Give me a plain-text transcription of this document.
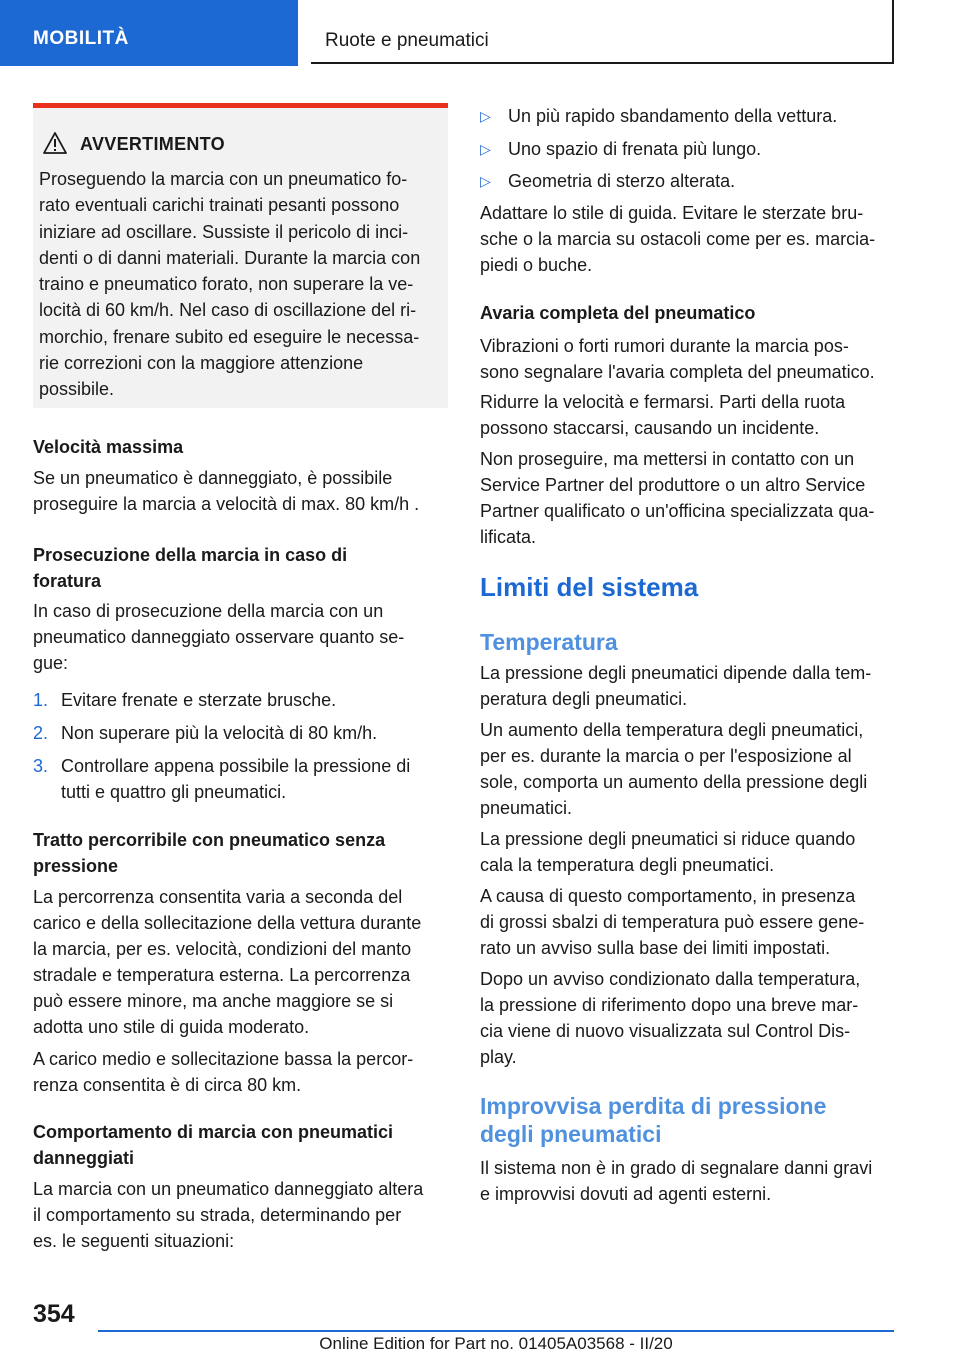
MOBILITÀ	Ruote e pneumatici
AVVERTIMENTO
Proseguendo la marcia con un pneumatico fo-
rato eventuali carichi trainati pesanti possono
iniziare ad oscillare. Sussiste il pericolo di inci-
denti o di danni materiali. Durante la marcia con
traino e pneumatico forato, non superare la ve-
locità di 60 km/h. Nel caso di oscillazione del ri-
morchio, frenare subito ed eseguire le necessa-
rie correzioni con la maggiore attenzione
possibile.
Velocità massima
Se un pneumatico è danneggiato, è possibile
proseguire la marcia a velocità di max. 80 km/h .
Prosecuzione della marcia in caso di
foratura
In caso di prosecuzione della marcia con un
pneumatico danneggiato osservare quanto se-
gue:
1. Evitare frenate e sterzate brusche.
2. Non superare più la velocità di 80 km/h.
3. Controllare appena possibile la pressione di
tutti e quattro gli pneumatici.
Tratto percorribile con pneumatico senza
pressione
La percorrenza consentita varia a seconda del
carico e della sollecitazione della vettura durante
la marcia, per es. velocità, condizioni del manto
stradale e temperatura esterna. La percorrenza
può essere minore, ma anche maggiore se si
adotta uno stile di guida moderato.
A carico medio e sollecitazione bassa la percor-
renza consentita è di circa 80 km.
Comportamento di marcia con pneumatici
danneggiati
La marcia con un pneumatico danneggiato altera
il comportamento su strada, determinando per
es. le seguenti situazioni:
▷ Un più rapido sbandamento della vettura.
▷ Uno spazio di frenata più lungo.
▷ Geometria di sterzo alterata.
Adattare lo stile di guida. Evitare le sterzate bru-
sche o la marcia su ostacoli come per es. marcia-
piedi o buche.
Avaria completa del pneumatico
Vibrazioni o forti rumori durante la marcia pos-
sono segnalare l'avaria completa del pneumatico.
Ridurre la velocità e fermarsi. Parti della ruota
possono staccarsi, causando un incidente.
Non proseguire, ma mettersi in contatto con un
Service Partner del produttore o un altro Service
Partner qualificato o un'officina specializzata qua-
lificata.
Limiti del sistema
Temperatura
La pressione degli pneumatici dipende dalla tem-
peratura degli pneumatici.
Un aumento della temperatura degli pneumatici,
per es. durante la marcia o per l'esposizione al
sole, comporta un aumento della pressione degli
pneumatici.
La pressione degli pneumatici si riduce quando
cala la temperatura degli pneumatici.
A causa di questo comportamento, in presenza
di grossi sbalzi di temperatura può essere gene-
rato un avviso sulla base dei limiti impostati.
Dopo un avviso condizionato dalla temperatura,
la pressione di riferimento dopo una breve mar-
cia viene di nuovo visualizzata sul Control Dis-
play.
Improvvisa perdita di pressione
degli pneumatici
Il sistema non è in grado di segnalare danni gravi
e improvvisi dovuti ad agenti esterni.
354
Online Edition for Part no. 01405A03568 - II/20
